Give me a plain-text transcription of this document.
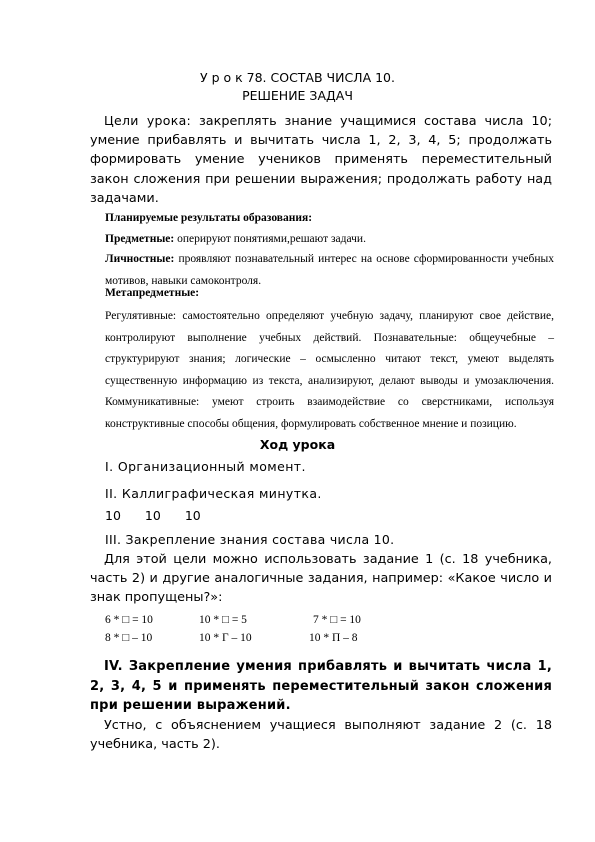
У р о к 78. СОСТАВ ЧИСЛА 10.
РЕШЕНИЕ ЗАДАЧ
Цели урока: закреплять знание учащимися состава числа 10; умение прибавлять и вычитать числа 1, 2, 3, 4, 5; продолжать формировать умение учеников применять переместительный закон сложения при решении выражения; продолжать работу над задачами.
Планируемые результаты образования:
Предметные: оперируют понятиями,решают задачи.
Личностные: проявляют познавательный интерес на основе сформированности учебных мотивов, навыки самоконтроля.
Метапредметные:
Регулятивные: самостоятельно определяют учебную задачу, планируют свое действие, контролируют выполнение учебных действий. Познавательные: общеучебные – структурируют знания; логические – осмысленно читают текст, умеют выделять существенную информацию из текста, анализируют, делают выводы и умозаключения. Коммуникативные: умеют строить взаимодействие со сверстниками, используя конструктивные способы общения, формулировать собственное мнение и позицию.
Ход урока
I. Организационный момент.
II. Каллиграфическая минутка.
10 10 10
III. Закрепление знания состава числа 10.
Для этой цели можно использовать задание 1 (с. 18 учебника, часть 2) и другие аналогичные задания, например: «Какое число и знак пропущены?»:
6 * □ = 10	10 * □ = 5	7 * □ = 10
8 * □ – 10	10 * Г – 10	10 * П – 8
IV. Закрепление умения прибавлять и вычитать числа 1, 2, 3, 4, 5 и применять переместительный закон сложения при решении выражений.
Устно, с объяснением учащиеся выполняют задание 2 (с. 18 учебника, часть 2).
